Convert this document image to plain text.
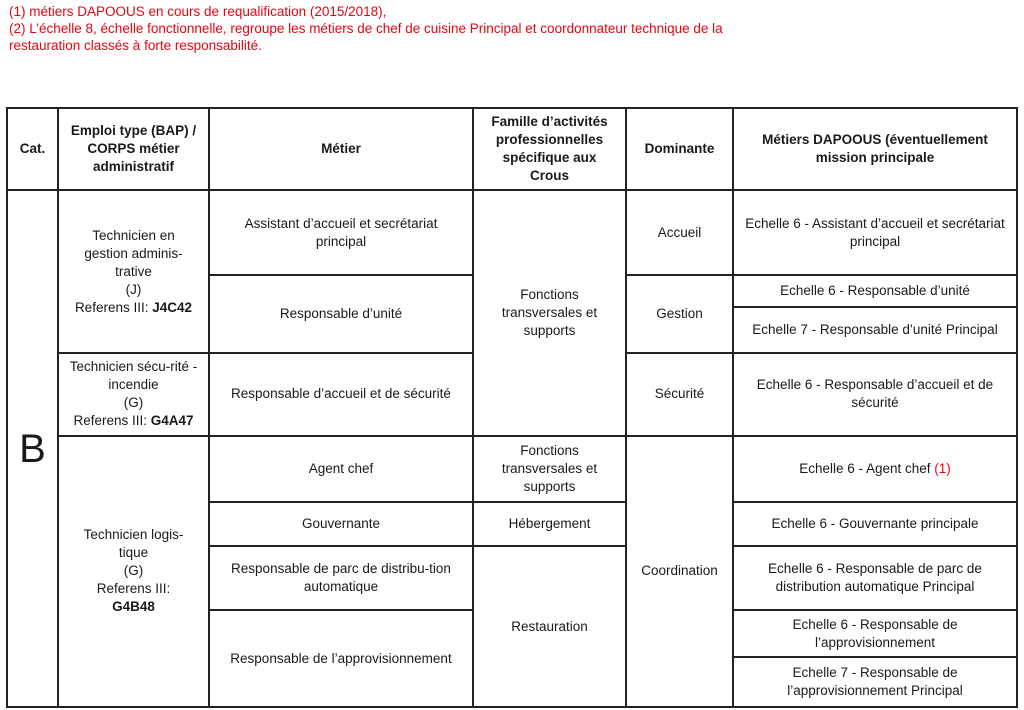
(1) métiers DAPOOUS en cours de requalification (2015/2018),
(2) L’échelle 8, échelle fonctionnelle, regroupe les métiers de chef de cuisine Principal et coordonnateur technique de la
restauration classés à forte responsabilité.
Cat.	Emploi type (BAP) / CORPS métier administratif	Métier	Famille d’activités professionnelles spécifique aux Crous	Dominante	Métiers DAPOOUS (éventuellement mission principale
B	Technicien en gestion adminis-trative
(J)
Referens III: J4C42	Assistant d’accueil et secrétariat principal	Fonctions transversales et supports	Accueil	Echelle 6 - Assistant d’accueil et secrétariat principal
		Responsable d’unité		Gestion	Echelle 6 - Responsable d’unité
					Echelle 7 - Responsable d’unité Principal

	Technicien sécu-rité - incendie
(G)
Referens III: G4A47	Responsable d’accueil et de sécurité		Sécurité	Echelle 6 - Responsable d’accueil et de sécurité

	Technicien logis-tique
(G)
Referens III:
G4B48	Agent chef	Fonctions transversales et supports	Coordination	Echelle 6 - Agent chef (1)
		Gouvernante	Hébergement		Echelle 6 - Gouvernante principale
		Responsable de parc de distribu-tion automatique	Restauration		Echelle 6 - Responsable de parc de distribution automatique Principal
		Responsable de l’approvisionnement			Echelle 6 - Responsable de l’approvisionnement
					Echelle 7 - Responsable de l’approvisionnement Principal
